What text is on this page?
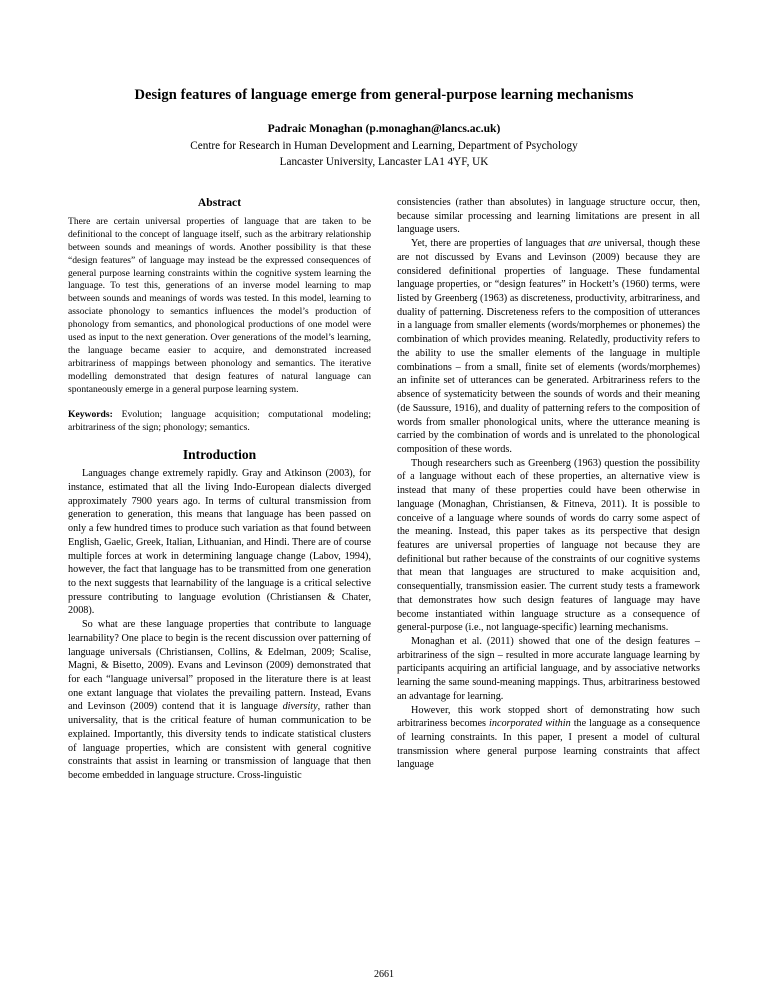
Design features of language emerge from general-purpose learning mechanisms

Padraic Monaghan (p.monaghan@lancs.ac.uk)

Centre for Research in Human Development and Learning, Department of Psychology

Lancaster University, Lancaster LA1 4YF, UK

Abstract

There are certain universal properties of language that are taken to be definitional to the concept of language itself, such as the arbitrary relationship between sounds and meanings of words. Another possibility is that these “design features” of language may instead be the expressed consequences of general purpose learning constraints within the cognitive system learning the language. To test this, generations of an inverse model learning to map between sounds and meanings of words was tested. In this model, learning to associate phonology to semantics influences the model’s production of phonology from semantics, and phonological productions of one model were used as input to the next generation. Over generations of the model’s learning, the language became easier to acquire, and demonstrated increased arbitrariness of mappings between phonology and semantics. The iterative modelling demonstrated that design features of natural language can spontaneously emerge in a general purpose learning system.

Keywords: Evolution; language acquisition; computational modeling; arbitrariness of the sign; phonology; semantics.

Introduction

Languages change extremely rapidly. Gray and Atkinson (2003), for instance, estimated that all the living Indo-European dialects diverged approximately 7900 years ago. In terms of cultural transmission from generation to generation, this means that language has been passed on only a few hundred times to produce such variation as that found between English, Gaelic, Greek, Italian, Lithuanian, and Hindi. There are of course multiple forces at work in determining language change (Labov, 1994), however, the fact that language has to be transmitted from one generation to the next suggests that learnability of the language is a critical selective pressure contributing to language evolution (Christiansen & Chater, 2008).

So what are these language properties that contribute to language learnability? One place to begin is the recent discussion over patterning of language universals (Christiansen, Collins, & Edelman, 2009; Scalise, Magni, & Bisetto, 2009). Evans and Levinson (2009) demonstrated that for each “language universal” proposed in the literature there is at least one extant language that violates the prevailing pattern. Instead, Evans and Levinson (2009) contend that it is language diversity, rather than universality, that is the critical feature of human communication to be explained. Importantly, this diversity tends to indicate statistical clusters of language properties, which are consistent with general cognitive constraints that assist in learning or transmission of language that then become embedded in language structure. Cross-linguistic

consistencies (rather than absolutes) in language structure occur, then, because similar processing and learning limitations are present in all language users.

Yet, there are properties of languages that are universal, though these are not discussed by Evans and Levinson (2009) because they are considered definitional properties of language. These fundamental language properties, or “design features” in Hockett’s (1960) terms, were listed by Greenberg (1963) as discreteness, productivity, arbitrariness, and duality of patterning. Discreteness refers to the composition of utterances in a language from smaller elements (words/morphemes or phonemes) the combination of which provides meaning. Relatedly, productivity refers to the ability to use the smaller elements of the language in multiple combinations – from a small, finite set of elements (words/morphemes) an infinite set of utterances can be generated. Arbitrariness refers to the absence of systematicity between the sounds of words and their meaning (de Saussure, 1916), and duality of patterning refers to the composition of words from smaller phonological units, where the utterance meaning is carried by the combination of words and is unrelated to the phonological composition of these words.

Though researchers such as Greenberg (1963) question the possibility of a language without each of these properties, an alternative view is instead that many of these properties could have been otherwise in language (Monaghan, Christiansen, & Fitneva, 2011). It is possible to conceive of a language where sounds of words do carry some aspect of the meaning. Instead, this paper takes as its perspective that design features are universal properties of language not because they are definitional but rather because of the constraints of our cognitive systems that mean that languages are structured to make acquisition and, consequentially, transmission easier. The current study tests a framework that demonstrates how such design features of language may have become instantiated within language structure as a consequence of general-purpose (i.e., not language-specific) learning mechanisms.

Monaghan et al. (2011) showed that one of the design features – arbitrariness of the sign – resulted in more accurate language learning by participants acquiring an artificial language, and by associative networks learning the same sound-meaning mappings. Thus, arbitrariness bestowed an advantage for learning.

However, this work stopped short of demonstrating how such arbitrariness becomes incorporated within the language as a consequence of learning constraints. In this paper, I present a model of cultural transmission where general purpose learning constraints that affect language

2661
